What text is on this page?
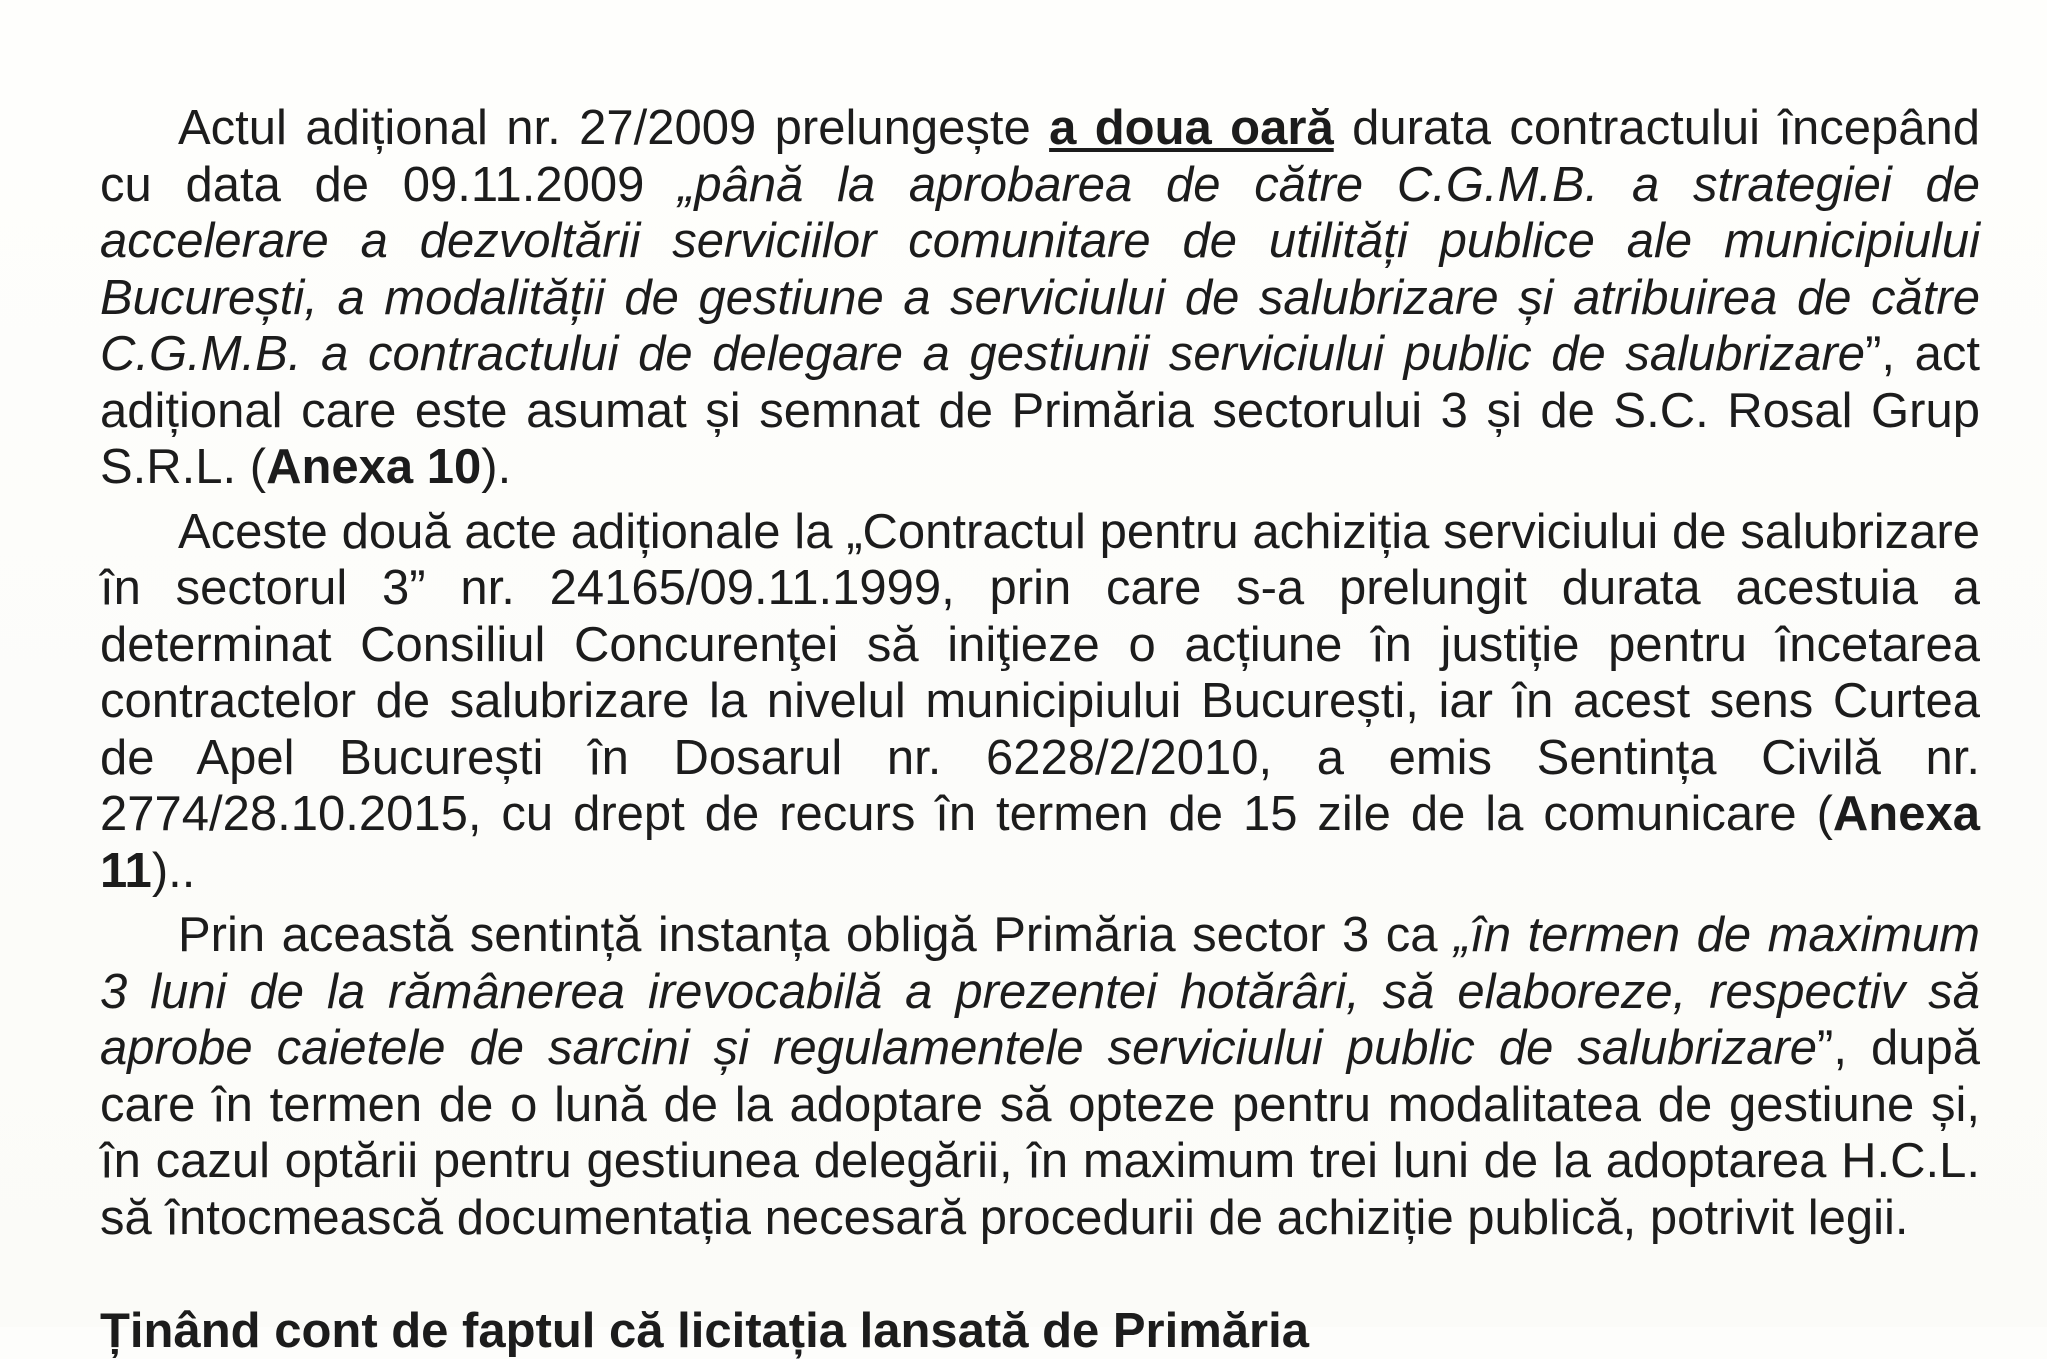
Actul adițional nr. 27/2009 prelungește a doua oară durata contractului începând cu data de 09.11.2009 „până la aprobarea de către C.G.M.B. a strategiei de accelerare a dezvoltării serviciilor comunitare de utilități publice ale municipiului București, a modalității de gestiune a serviciului de salubrizare și atribuirea de către C.G.M.B. a contractului de delegare a gestiunii serviciului public de salubrizare”, act adițional care este asumat și semnat de Primăria sectorului 3 și de S.C. Rosal Grup S.R.L. (Anexa 10).

Aceste două acte adiționale la „Contractul pentru achiziția serviciului de salubrizare în sectorul 3” nr. 24165/09.11.1999, prin care s-a prelungit durata acestuia a determinat Consiliul Concurenţei să iniţieze o acțiune în justiție pentru încetarea contractelor de salubrizare la nivelul municipiului București, iar în acest sens Curtea de Apel București în Dosarul nr. 6228/2/2010, a emis Sentința Civilă nr. 2774/28.10.2015, cu drept de recurs în termen de 15 zile de la comunicare (Anexa 11)..

Prin această sentință instanța obligă Primăria sector 3 ca „în termen de maximum 3 luni de la rămânerea irevocabilă a prezentei hotărâri, să elaboreze, respectiv să aprobe caietele de sarcini și regulamentele serviciului public de salubrizare”, după care în termen de o lună de la adoptare să opteze pentru modalitatea de gestiune și, în cazul optării pentru gestiunea delegării, în maximum trei luni de la adoptarea H.C.L. să întocmească documentația necesară procedurii de achiziție publică, potrivit legii.

Ținând cont de faptul că licitația lansată de Primăria
